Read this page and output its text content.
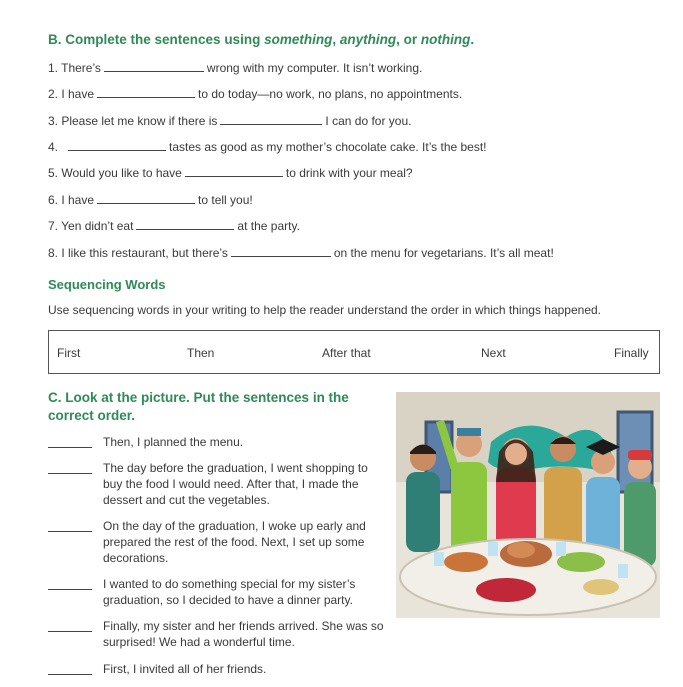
B. Complete the sentences using something, anything, or nothing.
1. There’s	wrong with my computer. It isn’t working.
2. I have	to do today—no work, no plans, no appointments.
3. Please let me know if there is	I can do for you.
4.	tastes as good as my mother’s chocolate cake. It’s the best!
5. Would you like to have	to drink with your meal?
6. I have	to tell you!
7. Yen didn’t eat	at the party.
8. I like this restaurant, but there’s	on the menu for vegetarians. It’s all meat!
Sequencing Words
Use sequencing words in your writing to help the reader understand the order in which things happened.
First	Then	After that	Next	Finally
C. Look at the picture. Put the sentences in the correct order.
Then, I planned the menu.
The day before the graduation, I went shopping to buy the food I would need. After that, I made the dessert and cut the vegetables.
On the day of the graduation, I woke up early and prepared the rest of the food. Next, I set up some decorations.
I wanted to do something special for my sister’s graduation, so I decided to have a dinner party.
Finally, my sister and her friends arrived. She was so surprised! We had a wonderful time.
First, I invited all of her friends.
